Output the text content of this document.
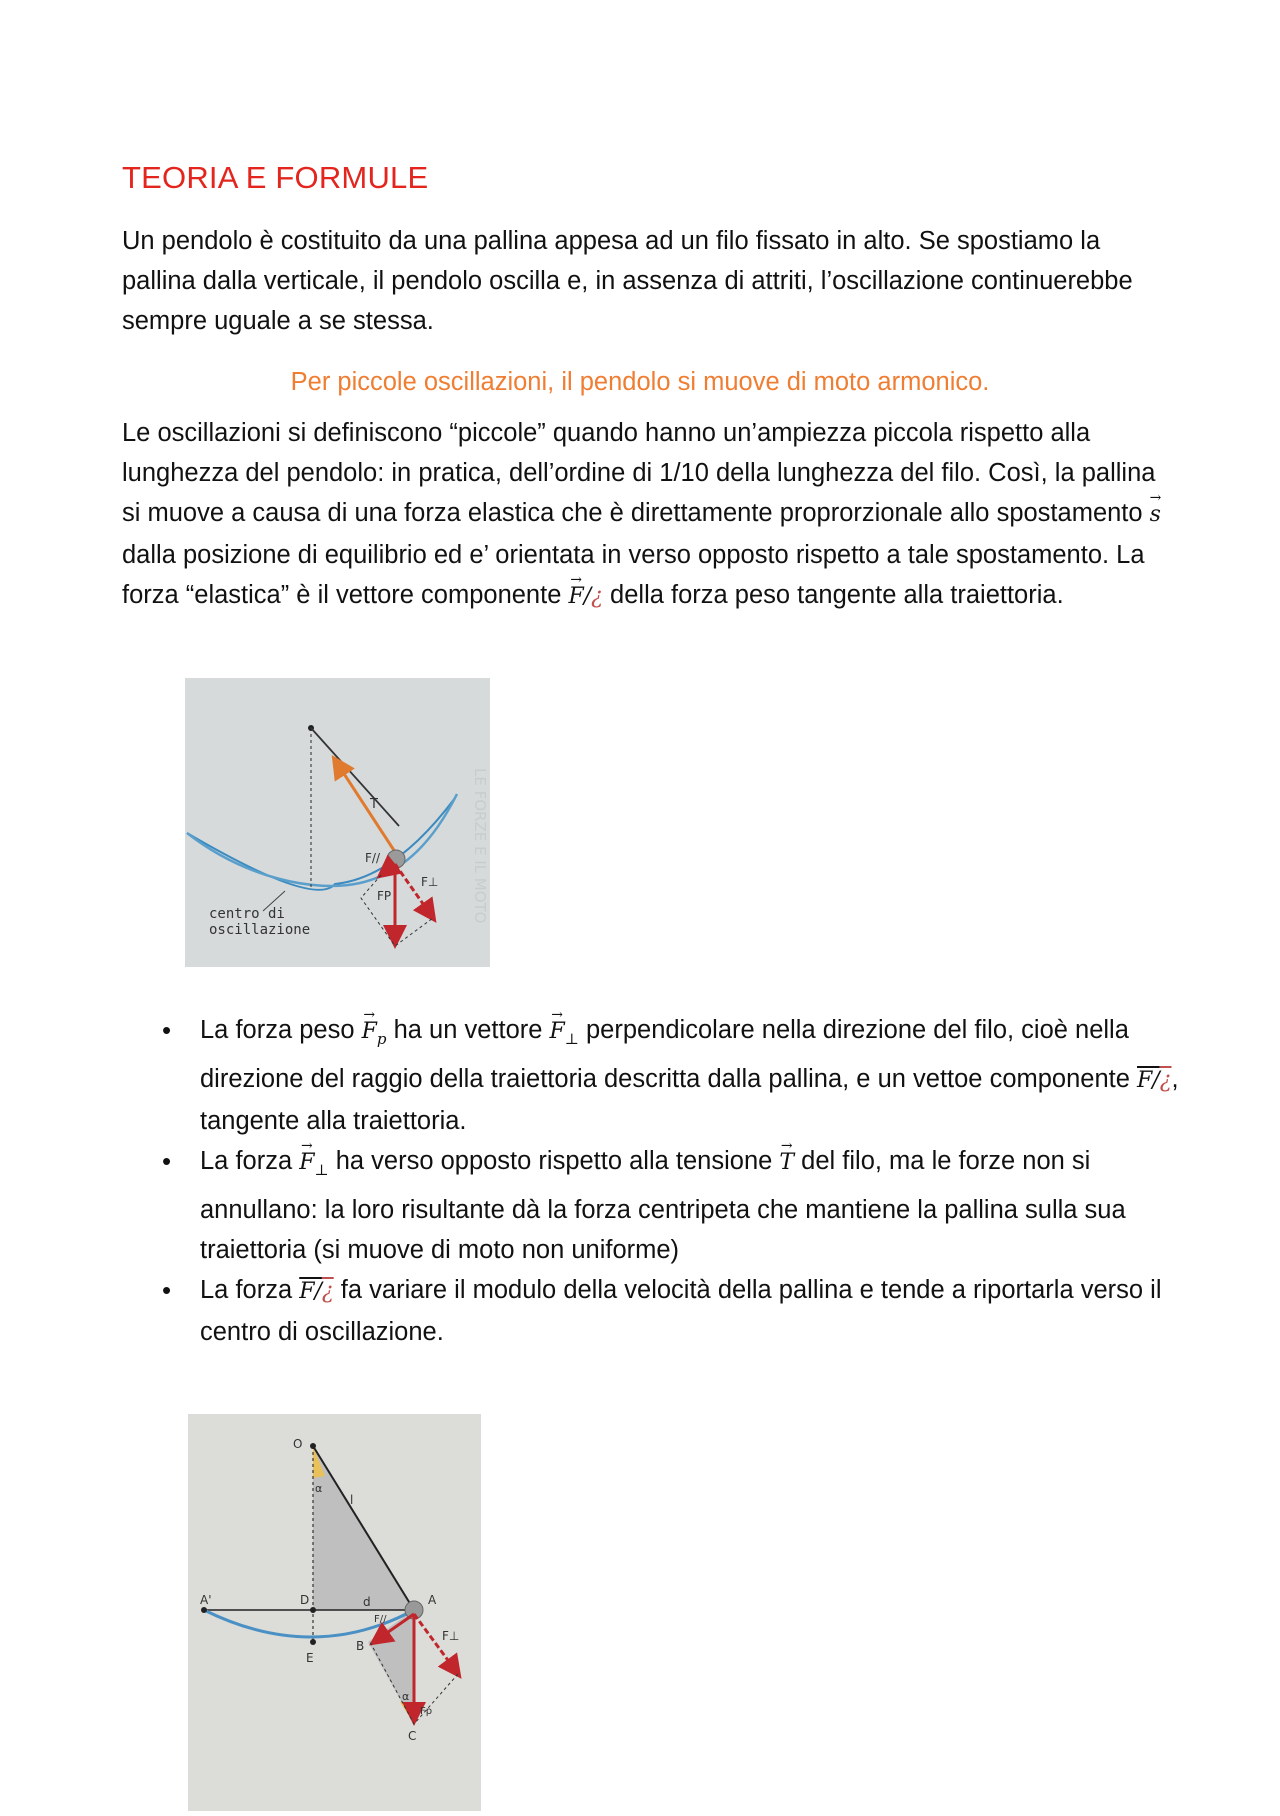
TEORIA E FORMULE

Un pendolo è costituito da una pallina appesa ad un filo fissato in alto. Se spostiamo la pallina dalla verticale, il pendolo oscilla e, in assenza di attriti, l’oscillazione continuerebbe sempre uguale a se stessa.

Per piccole oscillazioni, il pendolo si muove di moto armonico.

Le oscillazioni si definiscono “piccole” quando hanno un’ampiezza piccola rispetto alla lunghezza del pendolo: in pratica, dell’ordine di 1/10 della lunghezza del filo. Così, la pallina si muove a causa di una forza elastica che è direttamente proprorzionale allo spostamento → s dalla posizione di equilibrio ed e’ orientata in verso opposto rispetto a tale spostamento. La forza “elastica” è il vettore componente → F/¿ della forza peso tangente alla traiettoria.

T
F//
F⊥
FP
centro di
oscillazione
LE FORZE E IL MOTO
• La forza peso → $F_p$ ha un vettore → $F_\perp$ perpendicolare nella direzione del filo, cioè nella direzione del raggio della traiettoria descritta dalla pallina, e un vettoe componente F/¿, tangente alla traiettoria.
• La forza → $F_\perp$ ha verso opposto rispetto alla tensione → T del filo, ma le forze non si annullano: la loro risultante dà la forza centripeta che mantiene la pallina sulla sua traiettoria (si muove di moto non uniforme)
• La forza F/¿ fa variare il modulo della velocità della pallina e tende a riportarla verso il centro di oscillazione.
O
α
l
A'	D	d	A
F//
F⊥
B
E
α
Fp
C
